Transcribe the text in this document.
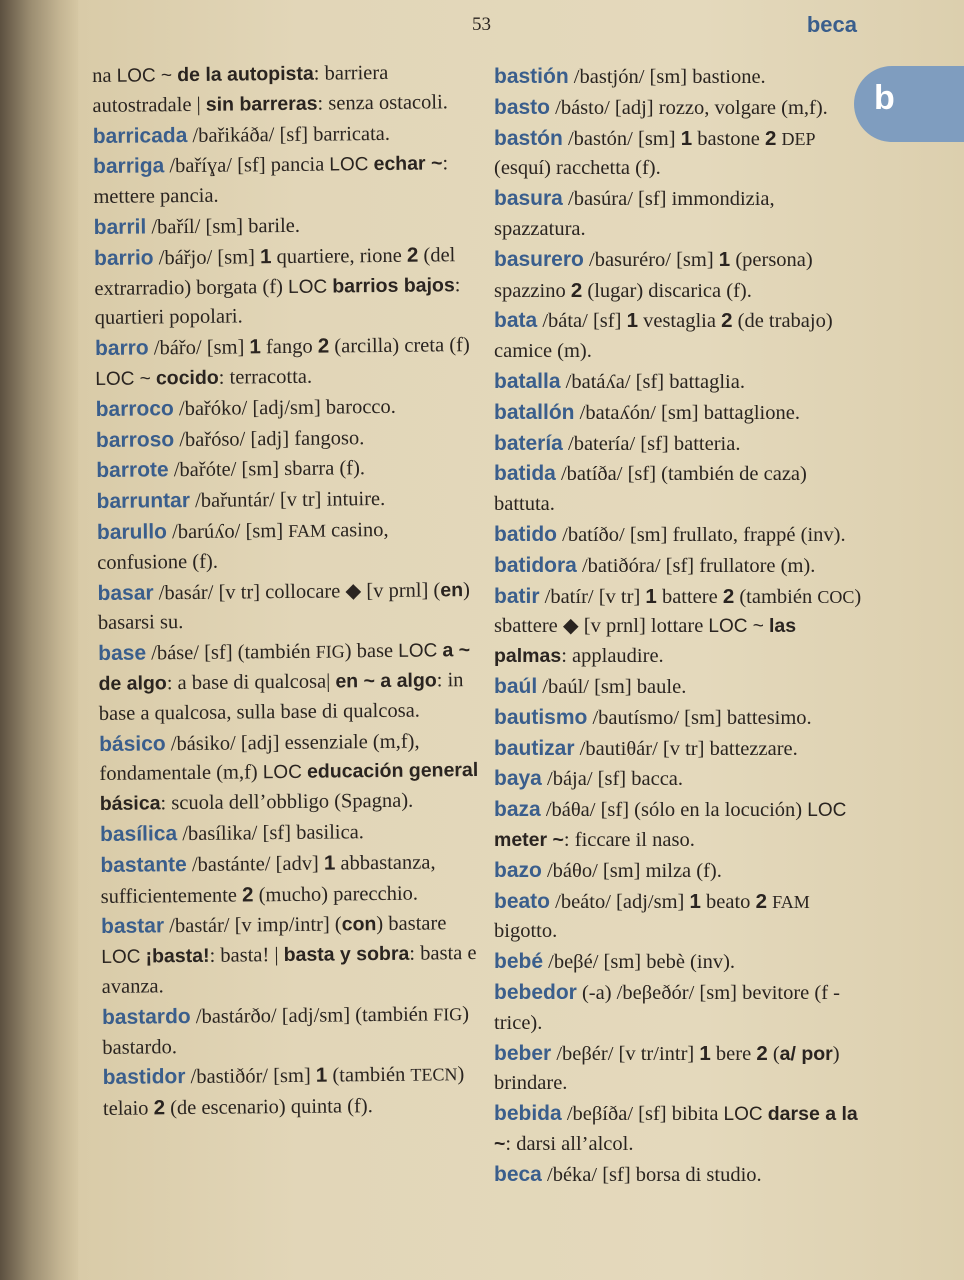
53	beca
b

na LOC ~ de la autopista: barriera autostradale | sin barreras: senza ostacoli.

barricada /bařikáða/ [sf] barricata.

barriga /baříɣa/ [sf] pancia LOC echar ~: mettere pancia.

barril /baříl/ [sm] barile.

barrio /bářjo/ [sm] 1 quartiere, rione 2 (del extrarradio) borgata (f) LOC barrios bajos: quartieri popolari.

barro /bářo/ [sm] 1 fango 2 (arcilla) creta (f) LOC ~ cocido: terracotta.

barroco /bařóko/ [adj/sm] barocco.

barroso /bařóso/ [adj] fangoso.

barrote /bařóte/ [sm] sbarra (f).

barruntar /bařuntár/ [v tr] intuire.

barullo /barúʎo/ [sm] FAM casino, confusione (f).

basar /basár/ [v tr] collocare ◆ [v prnl] (en) basarsi su.

base /báse/ [sf] (también FIG) base LOC a ~ de algo: a base di qualcosa| en ~ a algo: in base a qualcosa, sulla base di qualcosa.

básico /básiko/ [adj] essenziale (m,f), fondamentale (m,f) LOC educación general básica: scuola dell’obbligo (Spagna).

basílica /basílika/ [sf] basilica.

bastante /bastánte/ [adv] 1 abbastanza, sufficientemente 2 (mucho) parecchio.

bastar /bastár/ [v imp/intr] (con) bastare LOC ¡basta!: basta! | basta y sobra: basta e avanza.

bastardo /bastárðo/ [adj/sm] (también FIG) bastardo.

bastidor /bastiðór/ [sm] 1 (también TECN) telaio 2 (de escenario) quinta (f).

bastión /bastjón/ [sm] bastione.

basto /básto/ [adj] rozzo, volgare (m,f).

bastón /bastón/ [sm] 1 bastone 2 DEP (esquí) racchetta (f).

basura /basúra/ [sf] immondizia, spazzatura.

basurero /basuréro/ [sm] 1 (persona) spazzino 2 (lugar) discarica (f).

bata /báta/ [sf] 1 vestaglia 2 (de trabajo) camice (m).

batalla /batáʎa/ [sf] battaglia.

batallón /bataʎón/ [sm] battaglione.

batería /batería/ [sf] batteria.

batida /batíða/ [sf] (también de caza) battuta.

batido /batíðo/ [sm] frullato, frappé (inv).

batidora /batiðóra/ [sf] frullatore (m).

batir /batír/ [v tr] 1 battere 2 (también COC) sbattere ◆ [v prnl] lottare LOC ~ las palmas: applaudire.

baúl /baúl/ [sm] baule.

bautismo /bautísmo/ [sm] battesimo.

bautizar /bautiθár/ [v tr] battezzare.

baya /bája/ [sf] bacca.

baza /báθa/ [sf] (sólo en la locución) LOC meter ~: ficcare il naso.

bazo /báθo/ [sm] milza (f).

beato /beáto/ [adj/sm] 1 beato 2 FAM bigotto.

bebé /beβé/ [sm] bebè (inv).

bebedor (-a) /beβeðór/ [sm] bevitore (f -trice).

beber /beβér/ [v tr/intr] 1 bere 2 (a/ por) brindare.

bebida /beβíða/ [sf] bibita LOC darse a la ~: darsi all’alcol.

beca /béka/ [sf] borsa di studio.
